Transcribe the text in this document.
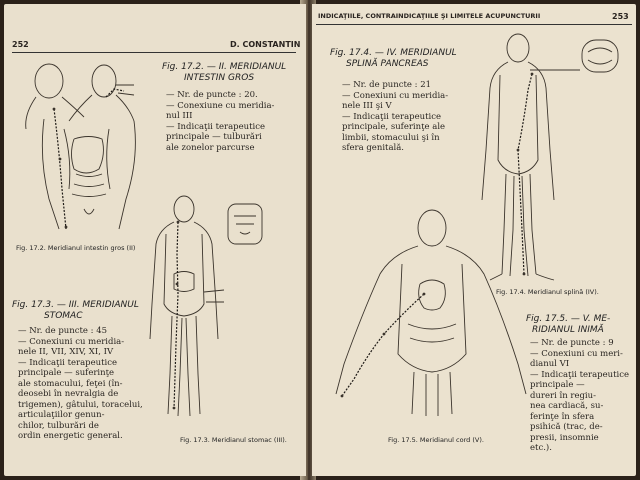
252	D. CONSTANTIN
Fig. 17.2. — II. MERIDIANUL
INTESTIN GROS
— Nr. de puncte : 20.
— Conexiune cu meridia-
nul III
— Indicaţii terapeutice
principale — tulburări
ale zonelor parcurse
Fig. 17.2. Meridianul intestin gros (II)
Fig. 17.3. — III. MERIDIANUL
STOMAC
— Nr. de puncte : 45
— Conexiuni cu meridia-
nele II, VII, XIV, XI, IV
— Indicaţii terapeutice
principale — suferinţe
ale stomacului, feţei (în-
deosebi în nevralgia de
trigemen), gâtului, toracelui,
articulaţiilor genun-
chilor, tulburări de
ordin energetic general.	Fig. 17.3. Meridianul stomac (III).
INDICAŢIILE, CONTRAINDICAŢIILE ŞI LIMITELE ACUPUNCTURII	253
Fig. 17.4. — IV. MERIDIANUL
SPLINĂ PANCREAS
— Nr. de puncte : 21
— Conexiuni cu meridia-
nele III şi V
— Indicaţii terapeutice
principale, suferinţe ale
limbii, stomacului şi în
sfera genitală.
Fig. 17.4. Meridianul splină (IV).
Fig. 17.5. Meridianul cord (V).
Fig. 17.5. — V. ME-
RIDIANUL INIMĂ
— Nr. de puncte : 9
— Conexiuni cu meri-
dianul VI
— Indicaţii terapeutice
principale —
dureri în regiu-
nea cardiacă, su-
ferinţe în sfera
psihică (trac, de-
presii, insomnie
etc.).
